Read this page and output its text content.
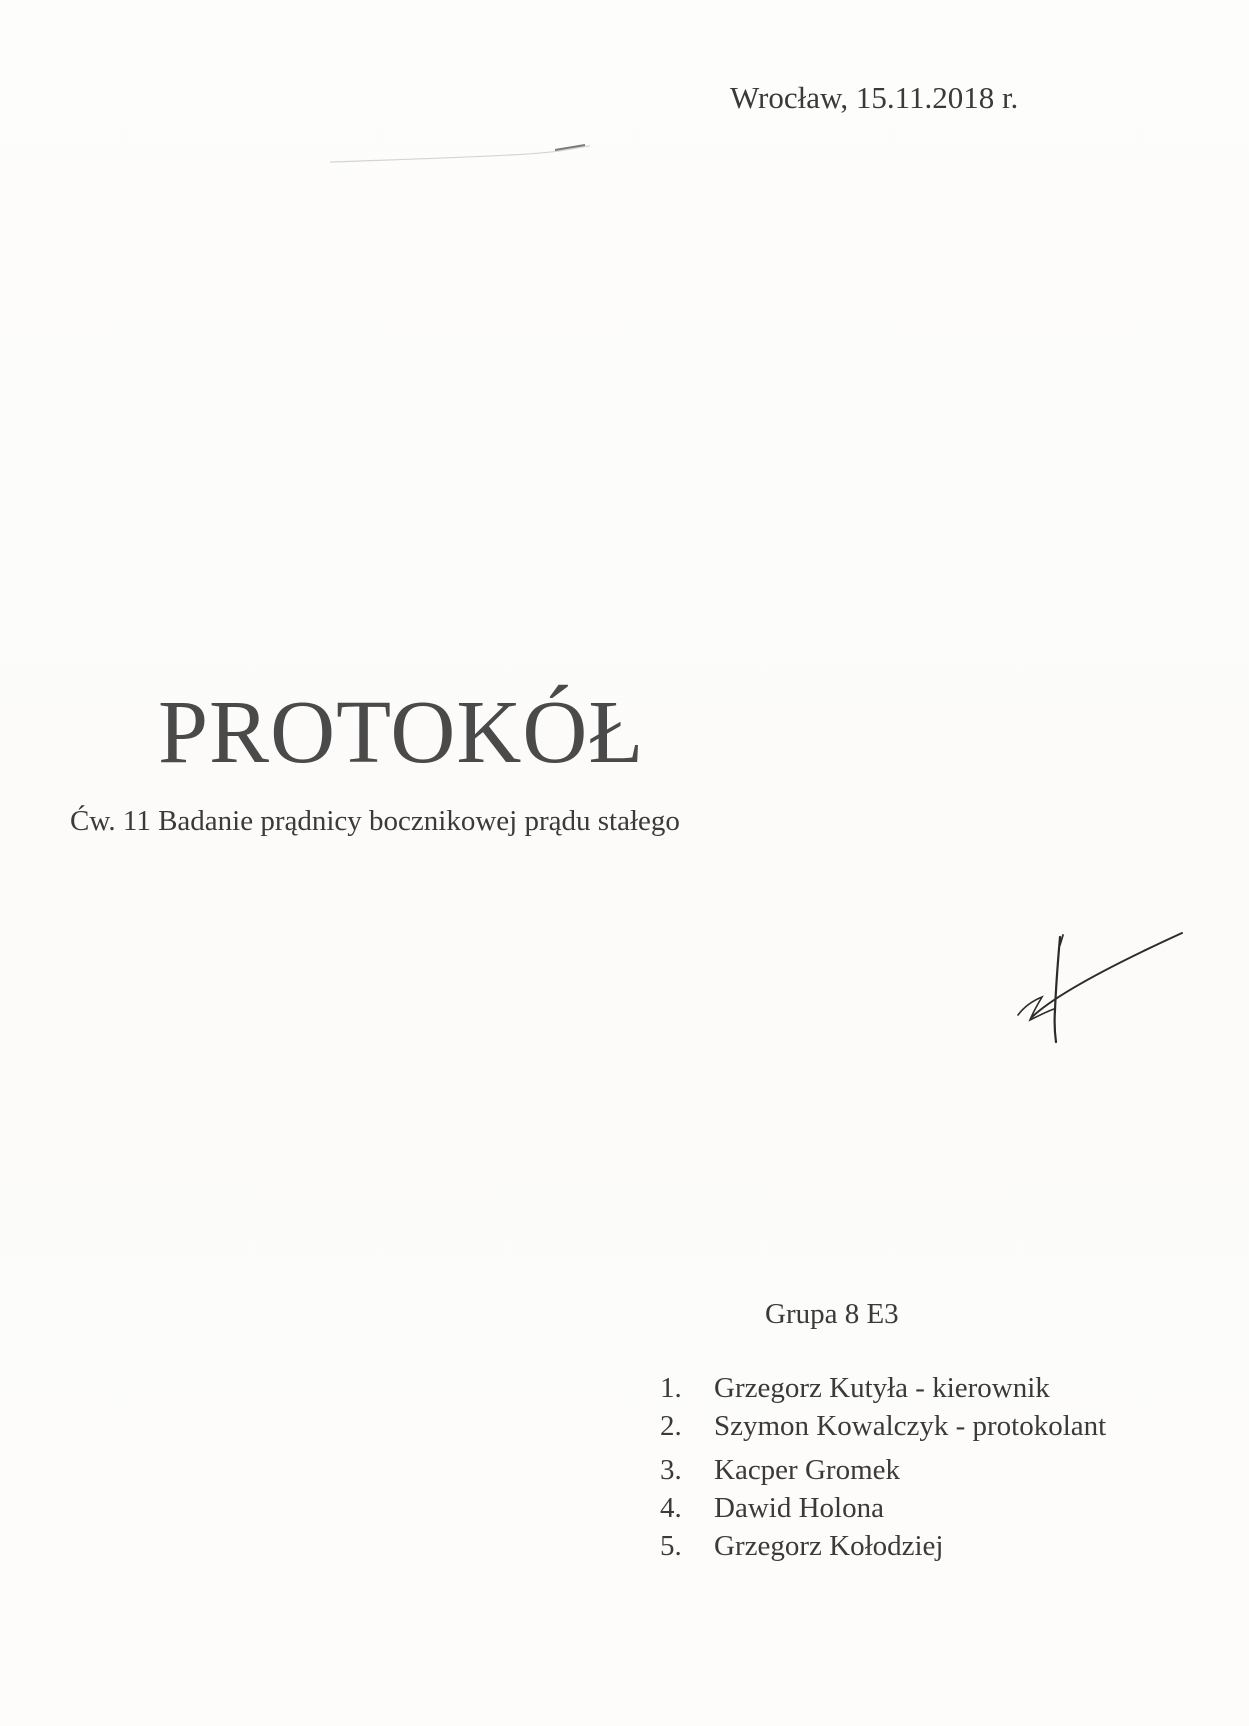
Wrocław, 15.11.2018 r.
PROTOKÓŁ
Ćw. 11 Badanie prądnicy bocznikowej prądu stałego
Grupa 8 E3
1.	Grzegorz Kutyła - kierownik
2.	Szymon Kowalczyk - protokolant
3.	Kacper Gromek
4.	Dawid Holona
5.	Grzegorz Kołodziej
